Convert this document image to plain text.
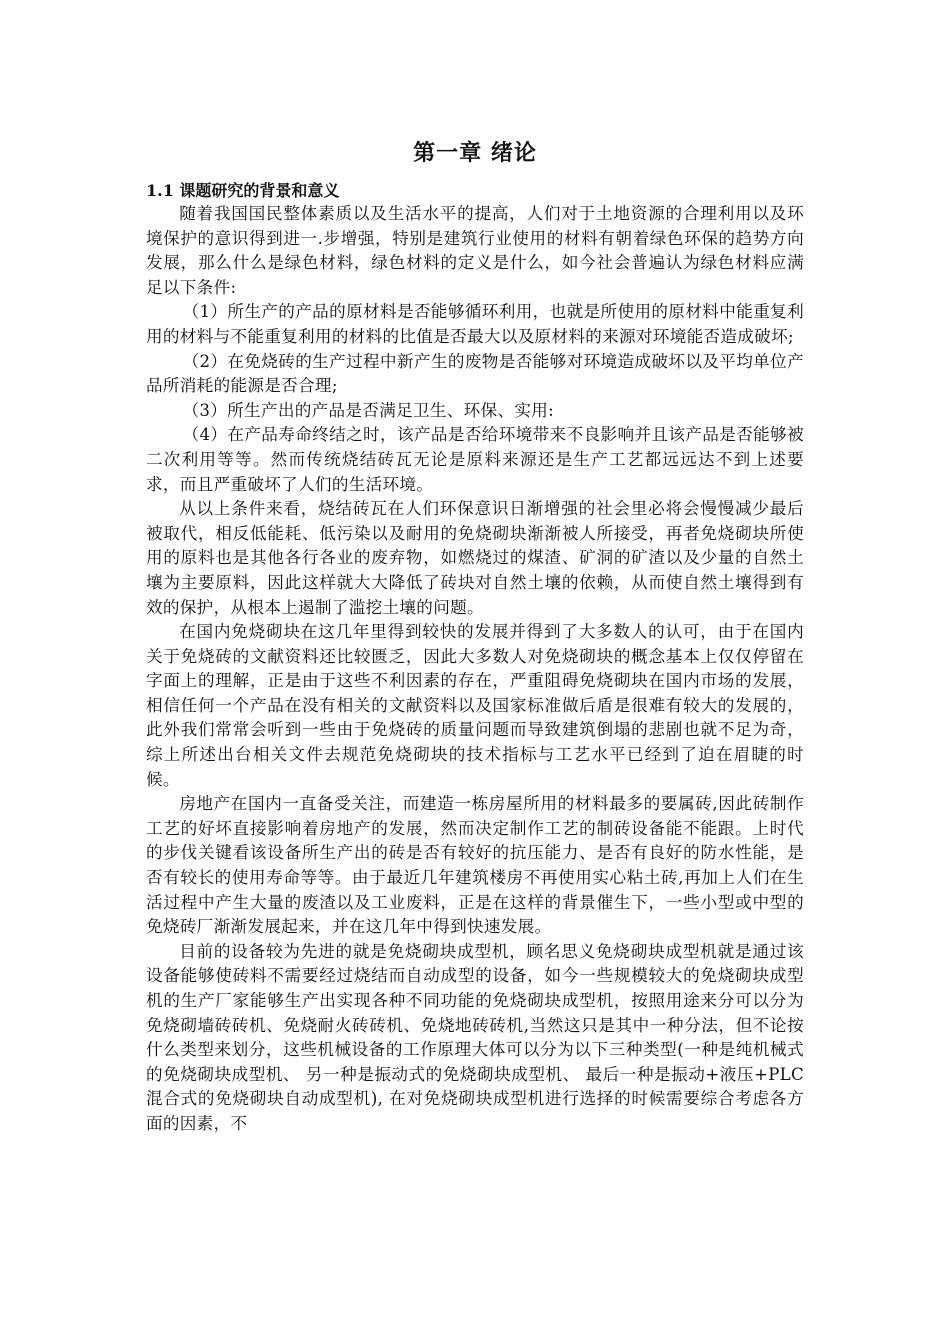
第一章 绪论
1.1 课题研究的背景和意义

随着我国国民整体素质以及生活水平的提高，人们对于土地资源的合理利用以及环境保护的意识得到进一.步增强，特别是建筑行业使用的材料有朝着绿色环保的趋势方向发展，那么什么是绿色材料，绿色材料的定义是什么，如今社会普遍认为绿色材料应满足以下条件:

（1）所生产的产品的原材料是否能够循环利用，也就是所使用的原材料中能重复利用的材料与不能重复利用的材料的比值是否最大以及原材料的来源对环境能否造成破坏;

（2）在免烧砖的生产过程中新产生的废物是否能够对环境造成破坏以及平均单位产品所消耗的能源是否合理;

（3）所生产出的产品是否满足卫生、环保、实用:

（4）在产品寿命终结之时，该产品是否给环境带来不良影响并且该产品是否能够被二次利用等等。然而传统烧结砖瓦无论是原料来源还是生产工艺都远远达不到上述要求，而且严重破坏了人们的生活环境。

从以上条件来看，烧结砖瓦在人们环保意识日渐增强的社会里必将会慢慢减少最后被取代，相反低能耗、低污染以及耐用的免烧砌块渐渐被人所接受，再者免烧砌块所使用的原料也是其他各行各业的废弃物，如燃烧过的煤渣、矿洞的矿渣以及少量的自然土壤为主要原料，因此这样就大大降低了砖块对自然土壤的依赖，从而使自然土壤得到有效的保护，从根本上遏制了滥挖土壤的问题。

在国内免烧砌块在这几年里得到较快的发展并得到了大多数人的认可，由于在国内关于免烧砖的文献资料还比较匮乏，因此大多数人对免烧砌块的概念基本上仅仅停留在字面上的理解，正是由于这些不利因素的存在，严重阻碍免烧砌块在国内市场的发展，相信任何一个产品在没有相关的文献资料以及国家标准做后盾是很难有较大的发展的，此外我们常常会听到一些由于免烧砖的质量问题而导致建筑倒塌的悲剧也就不足为奇，综上所述出台相关文件去规范免烧砌块的技术指标与工艺水平已经到了迫在眉睫的时候。

房地产在国内一直备受关注，而建造一栋房屋所用的材料最多的要属砖,因此砖制作工艺的好坏直接影响着房地产的发展，然而决定制作工艺的制砖设备能不能跟。上时代的步伐关键看该设备所生产出的砖是否有较好的抗压能力、是否有良好的防水性能，是否有较长的使用寿命等等。由于最近几年建筑楼房不再使用实心粘土砖,再加上人们在生活过程中产生大量的废渣以及工业废料，正是在这样的背景催生下，一些小型或中型的免烧砖厂渐渐发展起来，并在这几年中得到快速发展。

目前的设备较为先进的就是免烧砌块成型机，顾名思义免烧砌块成型机就是通过该设备能够使砖料不需要经过烧结而自动成型的设备，如今一些规模较大的免烧砌块成型机的生产厂家能够生产出实现各种不同功能的免烧砌块成型机，按照用途来分可以分为免烧砌墙砖砖机、免烧耐火砖砖机、免烧地砖砖机,当然这只是其中一种分法，但不论按什么类型来划分，这些机械设备的工作原理大体可以分为以下三种类型(一种是纯机械式的免烧砌块成型机、 另一种是振动式的免烧砌块成型机、 最后一种是振动+液压+PLC 混合式的免烧砌块自动成型机), 在对免烧砌块成型机进行选择的时候需要综合考虑各方面的因素，不
